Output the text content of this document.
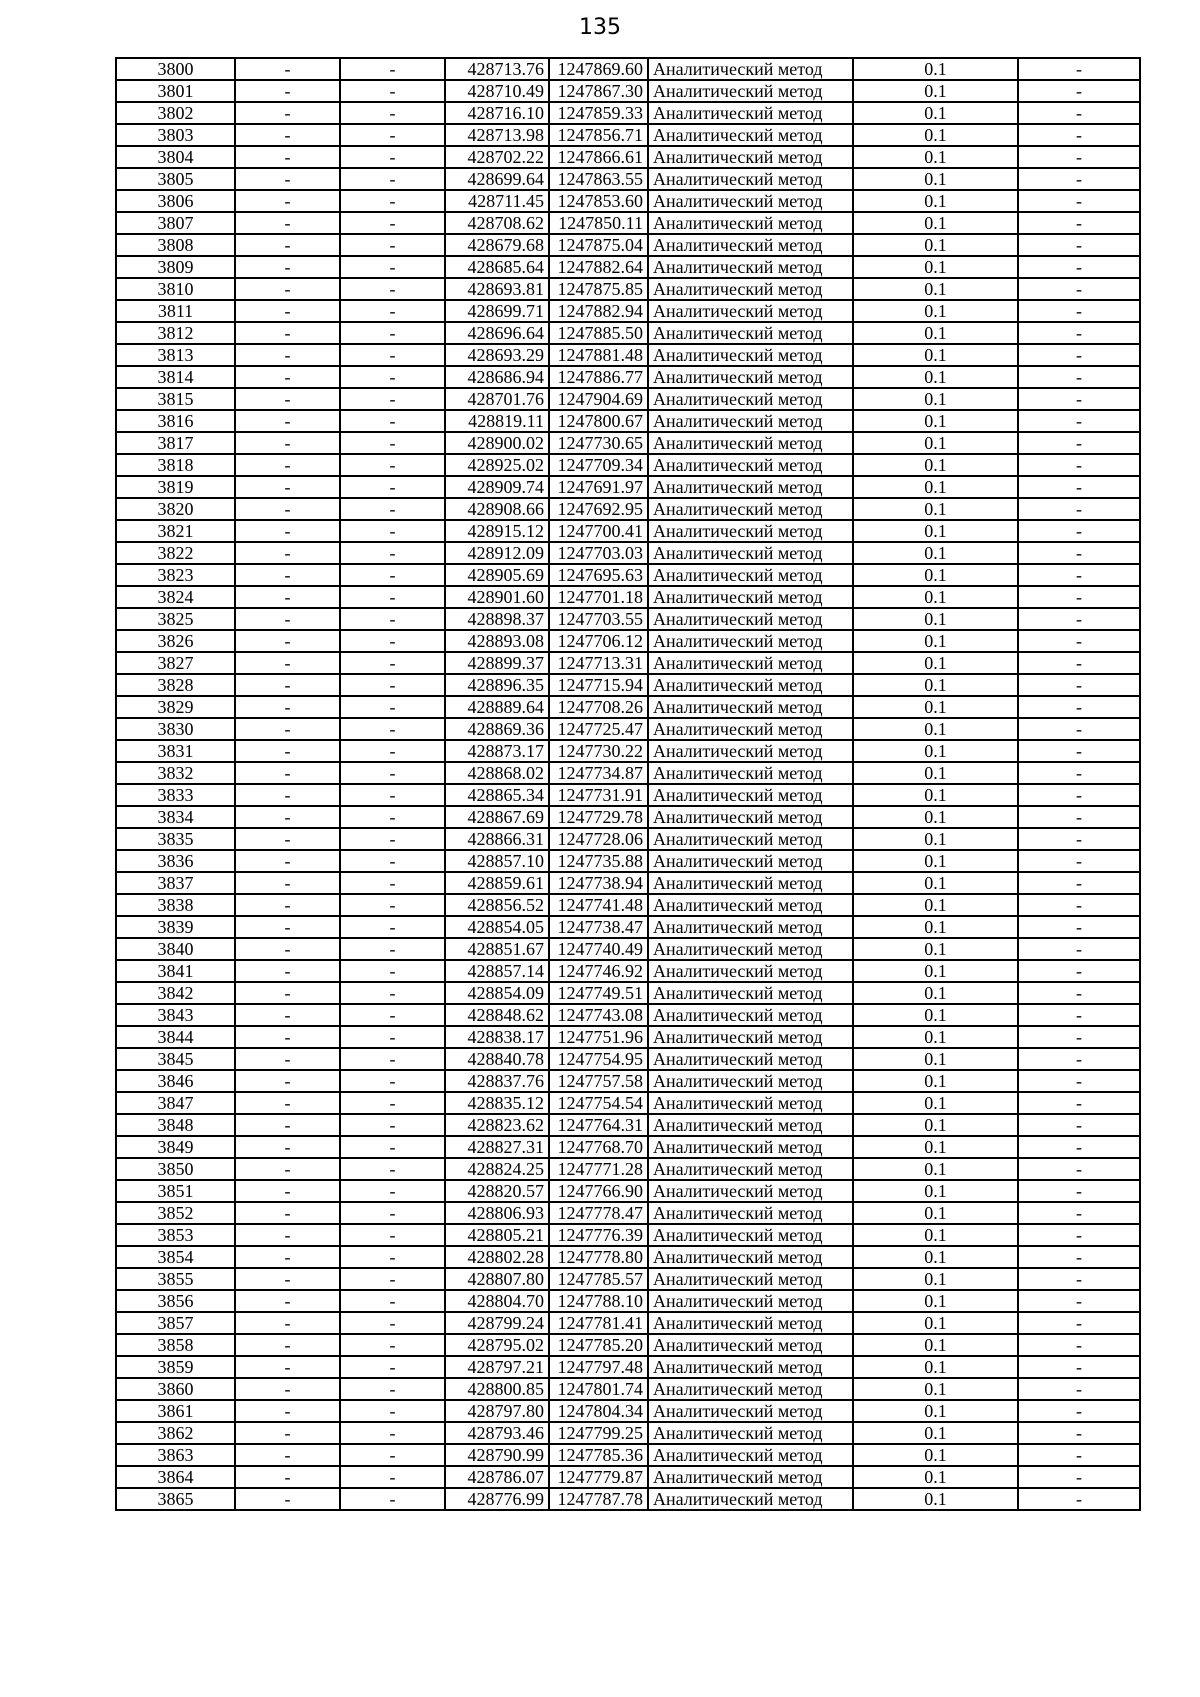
135
3800	-	-	428713.76	1247869.60	Аналитический метод	0.1	-
3801	-	-	428710.49	1247867.30	Аналитический метод	0.1	-
3802	-	-	428716.10	1247859.33	Аналитический метод	0.1	-
3803	-	-	428713.98	1247856.71	Аналитический метод	0.1	-
3804	-	-	428702.22	1247866.61	Аналитический метод	0.1	-
3805	-	-	428699.64	1247863.55	Аналитический метод	0.1	-
3806	-	-	428711.45	1247853.60	Аналитический метод	0.1	-
3807	-	-	428708.62	1247850.11	Аналитический метод	0.1	-
3808	-	-	428679.68	1247875.04	Аналитический метод	0.1	-
3809	-	-	428685.64	1247882.64	Аналитический метод	0.1	-
3810	-	-	428693.81	1247875.85	Аналитический метод	0.1	-
3811	-	-	428699.71	1247882.94	Аналитический метод	0.1	-
3812	-	-	428696.64	1247885.50	Аналитический метод	0.1	-
3813	-	-	428693.29	1247881.48	Аналитический метод	0.1	-
3814	-	-	428686.94	1247886.77	Аналитический метод	0.1	-
3815	-	-	428701.76	1247904.69	Аналитический метод	0.1	-
3816	-	-	428819.11	1247800.67	Аналитический метод	0.1	-
3817	-	-	428900.02	1247730.65	Аналитический метод	0.1	-
3818	-	-	428925.02	1247709.34	Аналитический метод	0.1	-
3819	-	-	428909.74	1247691.97	Аналитический метод	0.1	-
3820	-	-	428908.66	1247692.95	Аналитический метод	0.1	-
3821	-	-	428915.12	1247700.41	Аналитический метод	0.1	-
3822	-	-	428912.09	1247703.03	Аналитический метод	0.1	-
3823	-	-	428905.69	1247695.63	Аналитический метод	0.1	-
3824	-	-	428901.60	1247701.18	Аналитический метод	0.1	-
3825	-	-	428898.37	1247703.55	Аналитический метод	0.1	-
3826	-	-	428893.08	1247706.12	Аналитический метод	0.1	-
3827	-	-	428899.37	1247713.31	Аналитический метод	0.1	-
3828	-	-	428896.35	1247715.94	Аналитический метод	0.1	-
3829	-	-	428889.64	1247708.26	Аналитический метод	0.1	-
3830	-	-	428869.36	1247725.47	Аналитический метод	0.1	-
3831	-	-	428873.17	1247730.22	Аналитический метод	0.1	-
3832	-	-	428868.02	1247734.87	Аналитический метод	0.1	-
3833	-	-	428865.34	1247731.91	Аналитический метод	0.1	-
3834	-	-	428867.69	1247729.78	Аналитический метод	0.1	-
3835	-	-	428866.31	1247728.06	Аналитический метод	0.1	-
3836	-	-	428857.10	1247735.88	Аналитический метод	0.1	-
3837	-	-	428859.61	1247738.94	Аналитический метод	0.1	-
3838	-	-	428856.52	1247741.48	Аналитический метод	0.1	-
3839	-	-	428854.05	1247738.47	Аналитический метод	0.1	-
3840	-	-	428851.67	1247740.49	Аналитический метод	0.1	-
3841	-	-	428857.14	1247746.92	Аналитический метод	0.1	-
3842	-	-	428854.09	1247749.51	Аналитический метод	0.1	-
3843	-	-	428848.62	1247743.08	Аналитический метод	0.1	-
3844	-	-	428838.17	1247751.96	Аналитический метод	0.1	-
3845	-	-	428840.78	1247754.95	Аналитический метод	0.1	-
3846	-	-	428837.76	1247757.58	Аналитический метод	0.1	-
3847	-	-	428835.12	1247754.54	Аналитический метод	0.1	-
3848	-	-	428823.62	1247764.31	Аналитический метод	0.1	-
3849	-	-	428827.31	1247768.70	Аналитический метод	0.1	-
3850	-	-	428824.25	1247771.28	Аналитический метод	0.1	-
3851	-	-	428820.57	1247766.90	Аналитический метод	0.1	-
3852	-	-	428806.93	1247778.47	Аналитический метод	0.1	-
3853	-	-	428805.21	1247776.39	Аналитический метод	0.1	-
3854	-	-	428802.28	1247778.80	Аналитический метод	0.1	-
3855	-	-	428807.80	1247785.57	Аналитический метод	0.1	-
3856	-	-	428804.70	1247788.10	Аналитический метод	0.1	-
3857	-	-	428799.24	1247781.41	Аналитический метод	0.1	-
3858	-	-	428795.02	1247785.20	Аналитический метод	0.1	-
3859	-	-	428797.21	1247797.48	Аналитический метод	0.1	-
3860	-	-	428800.85	1247801.74	Аналитический метод	0.1	-
3861	-	-	428797.80	1247804.34	Аналитический метод	0.1	-
3862	-	-	428793.46	1247799.25	Аналитический метод	0.1	-
3863	-	-	428790.99	1247785.36	Аналитический метод	0.1	-
3864	-	-	428786.07	1247779.87	Аналитический метод	0.1	-
3865	-	-	428776.99	1247787.78	Аналитический метод	0.1	-
